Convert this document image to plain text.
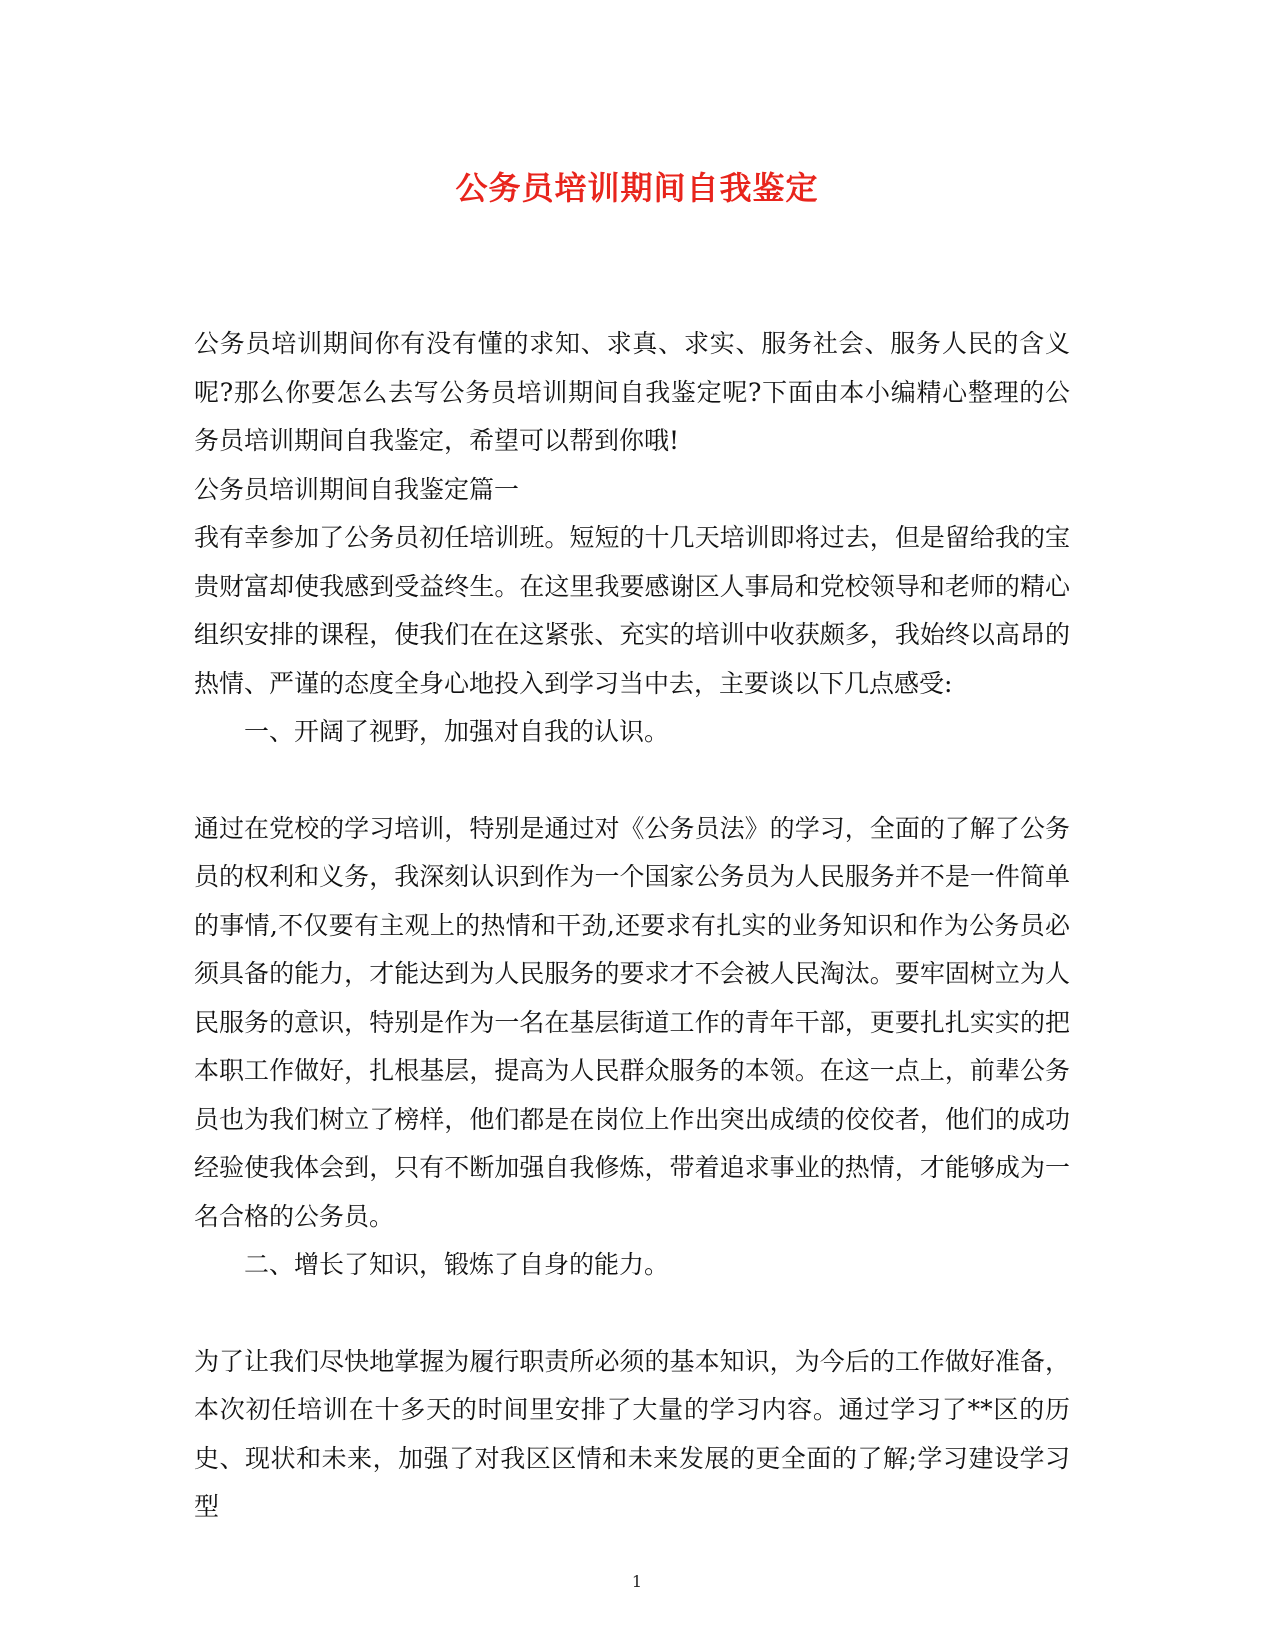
公务员培训期间自我鉴定

公务员培训期间你有没有懂的求知、求真、求实、服务社会、服务人民的含义呢?那么你要怎么去写公务员培训期间自我鉴定呢?下面由本小编精心整理的公务员培训期间自我鉴定，希望可以帮到你哦!

公务员培训期间自我鉴定篇一

我有幸参加了公务员初任培训班。短短的十几天培训即将过去，但是留给我的宝贵财富却使我感到受益终生。在这里我要感谢区人事局和党校领导和老师的精心组织安排的课程，使我们在在这紧张、充实的培训中收获颇多，我始终以高昂的热情、严谨的态度全身心地投入到学习当中去，主要谈以下几点感受:

一、开阔了视野，加强对自我的认识。

通过在党校的学习培训，特别是通过对《公务员法》的学习，全面的了解了公务员的权利和义务，我深刻认识到作为一个国家公务员为人民服务并不是一件简单的事情,不仅要有主观上的热情和干劲,还要求有扎实的业务知识和作为公务员必须具备的能力，才能达到为人民服务的要求才不会被人民淘汰。要牢固树立为人民服务的意识，特别是作为一名在基层街道工作的青年干部，更要扎扎实实的把本职工作做好，扎根基层，提高为人民群众服务的本领。在这一点上，前辈公务员也为我们树立了榜样，他们都是在岗位上作出突出成绩的佼佼者，他们的成功经验使我体会到，只有不断加强自我修炼，带着追求事业的热情，才能够成为一名合格的公务员。

二、增长了知识，锻炼了自身的能力。

为了让我们尽快地掌握为履行职责所必须的基本知识，为今后的工作做好准备，本次初任培训在十多天的时间里安排了大量的学习内容。通过学习了**区的历史、现状和未来，加强了对我区区情和未来发展的更全面的了解;学习建设学习型

1
